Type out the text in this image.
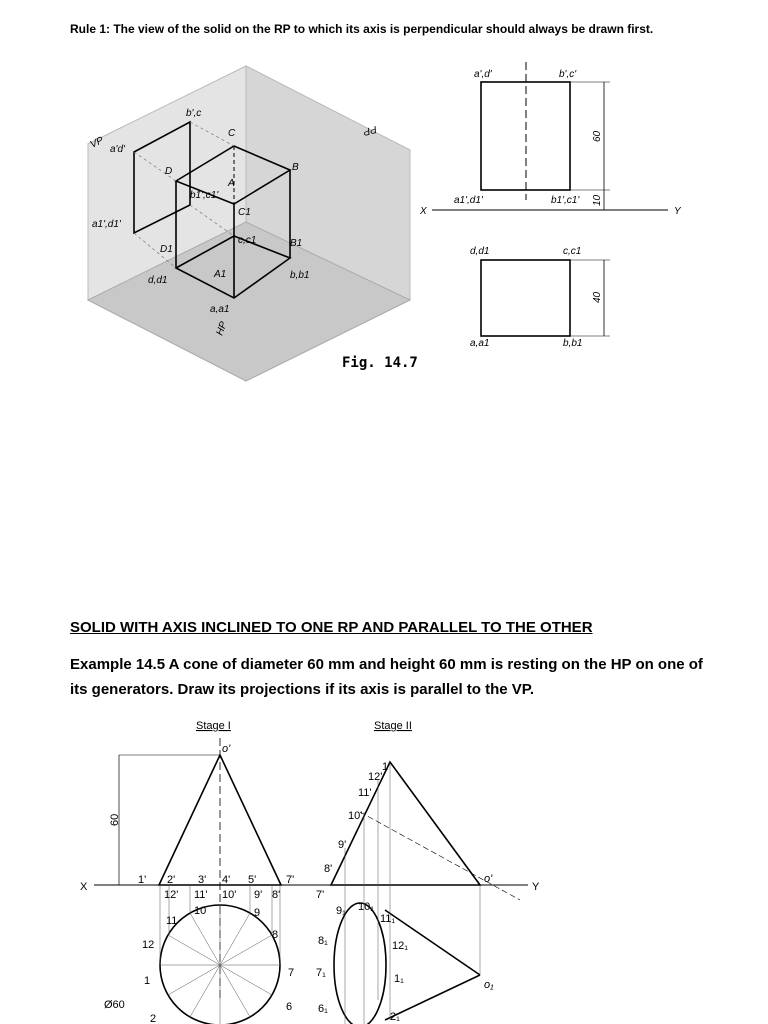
Rule 1: The view of the solid on the RP to which its axis is perpendicular should always be drawn first.
VP
PP
HP
a'd'
b',c
C
D
A
B
b1',c1'
C1
c,c1
a1',d1'
D1
B1
d,d1
A1	b,b1
a,a1
X	Y
a',d'	b',c'
a1',d1'	b1',c1'
d,d1	c,c1
a,a1	b,b1
60
10
40
Fig. 14.7
SOLID WITH AXIS INCLINED TO ONE RP AND PARALLEL TO THE OTHER
Example 14.5 A cone of diameter 60 mm and height 60 mm is resting on the HP on one of its generators. Draw its projections if its axis is parallel to the VP.
Stage I	Stage II
X	Y
60
Ø60
o'
1' 2' 3' 4' 5'	7'
12' 11' 10' 9' 8'
11
10	9
8
12
7
1
6
2
1'
12'
11'
10'
9'
8'
7'
o'
9₁ 10₁
11₁
8₁	12₁
7₁	1₁
6₁
2₁
o₁
